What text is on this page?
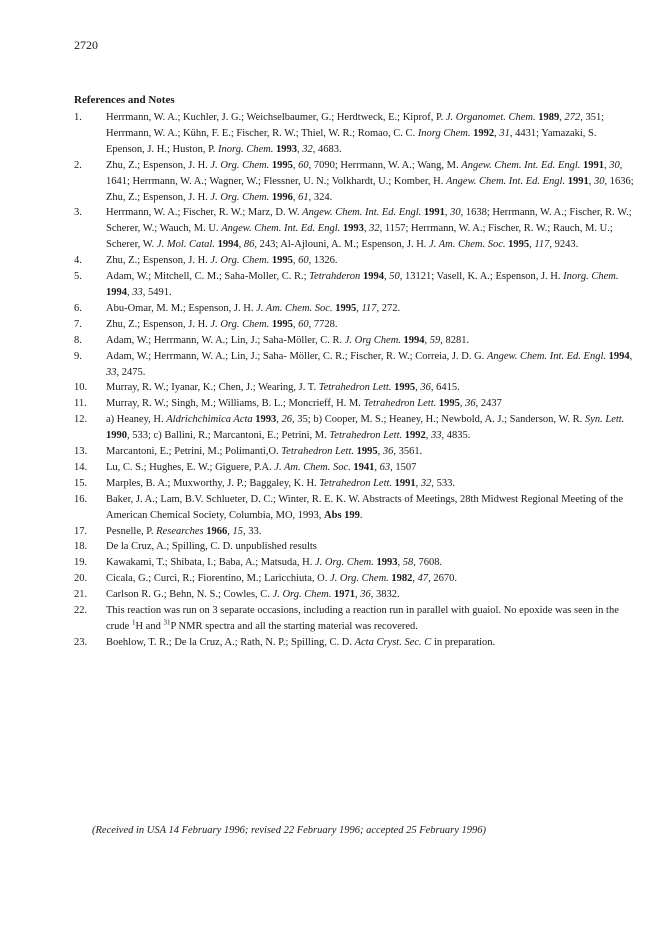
2720
References and Notes
1.	Herrmann, W. A.; Kuchler, J. G.; Weichselbaumer, G.; Herdtweck, E.; Kiprof, P. J. Organomet. Chem. 1989, 272, 351; Herrmann, W. A.; Kühn, F. E.; Fischer, R. W.; Thiel, W. R.; Romao, C. C. Inorg Chem. 1992, 31, 4431; Yamazaki, S. Epenson, J. H.; Huston, P. Inorg. Chem. 1993, 32, 4683.
2.	Zhu, Z.; Espenson, J. H. J. Org. Chem. 1995, 60, 7090; Herrmann, W. A.; Wang, M. Angew. Chem. Int. Ed. Engl. 1991, 30, 1641; Herrmann, W. A.; Wagner, W.; Flessner, U. N.; Volkhardt, U.; Komber, H. Angew. Chem. Int. Ed. Engl. 1991, 30, 1636; Zhu, Z.; Espenson, J. H. J. Org. Chem. 1996, 61, 324.
3.	Herrmann, W. A.; Fischer, R. W.; Marz, D. W. Angew. Chem. Int. Ed. Engl. 1991, 30, 1638; Herrmann, W. A.; Fischer, R. W.; Scherer, W.; Wauch, M. U. Angew. Chem. Int. Ed. Engl. 1993, 32, 1157; Herrmann, W. A.; Fischer, R. W.; Rauch, M. U.; Scherer, W. J. Mol. Catal. 1994, 86, 243; Al-Ajlouni, A. M.; Espenson, J. H. J. Am. Chem. Soc. 1995, 117, 9243.
4.	Zhu, Z.; Espenson, J. H. J. Org. Chem. 1995, 60, 1326.
5.	Adam, W.; Mitchell, C. M.; Saha-Moller, C. R.; Tetrahderon 1994, 50, 13121; Vasell, K. A.; Espenson, J. H. Inorg. Chem. 1994, 33, 5491.
6.	Abu-Omar, M. M.; Espenson, J. H. J. Am. Chem. Soc. 1995, 117, 272.
7.	Zhu, Z.; Espenson, J. H. J. Org. Chem. 1995, 60, 7728.
8.	Adam, W.; Herrmann, W. A.; Lin, J.; Saha-Möller, C. R. J. Org Chem. 1994, 59, 8281.
9.	Adam, W.; Herrmann, W. A.; Lin, J.; Saha- Möller, C. R.; Fischer, R. W.; Correia, J. D. G. Angew. Chem. Int. Ed. Engl. 1994, 33, 2475.
10.	Murray, R. W.; Iyanar, K.; Chen, J.; Wearing, J. T. Tetrahedron Lett. 1995, 36, 6415.
11.	Murray, R. W.; Singh, M.; Williams, B. L.; Moncrieff, H. M. Tetrahedron Lett. 1995, 36, 2437
12.	a) Heaney, H. Aldrichchimica Acta 1993, 26, 35; b) Cooper, M. S.; Heaney, H.; Newbold, A. J.; Sanderson, W. R. Syn. Lett. 1990, 533; c) Ballini, R.; Marcantoni, E.; Petrini, M. Tetrahedron Lett. 1992, 33, 4835.
13.	Marcantoni, E.; Petrini, M.; Polimanti,O. Tetrahedron Lett. 1995, 36, 3561.
14.	Lu, C. S.; Hughes, E. W.; Giguere, P.A. J. Am. Chem. Soc. 1941, 63, 1507
15.	Marples, B. A.; Muxworthy, J. P.; Baggaley, K. H. Tetrahedron Lett. 1991, 32, 533.
16.	Baker, J. A.; Lam, B.V. Schlueter, D. C.; Winter, R. E. K. W. Abstracts of Meetings, 28th Midwest Regional Meeting of the American Chemical Society, Columbia, MO, 1993, Abs 199.
17.	Pesnelle, P. Researches 1966, 15, 33.
18.	De la Cruz, A.; Spilling, C. D. unpublished results
19.	Kawakami, T.; Shibata, I.; Baba, A.; Matsuda, H. J. Org. Chem. 1993, 58, 7608.
20.	Cicala, G.; Curci, R.; Fiorentino, M.; Laricchiuta, O. J. Org. Chem. 1982, 47, 2670.
21.	Carlson R. G.; Behn, N. S.; Cowles, C. J. Org. Chem. 1971, 36, 3832.
22.	This reaction was run on 3 separate occasions, including a reaction run in parallel with guaiol. No epoxide was seen in the crude $^1$H and $^{31}$P NMR spectra and all the starting material was recovered.
23.	Boehlow, T. R.; De la Cruz, A.; Rath, N. P.; Spilling, C. D. Acta Cryst. Sec. C in preparation.
(Received in USA 14 February 1996; revised 22 February 1996; accepted 25 February 1996)
